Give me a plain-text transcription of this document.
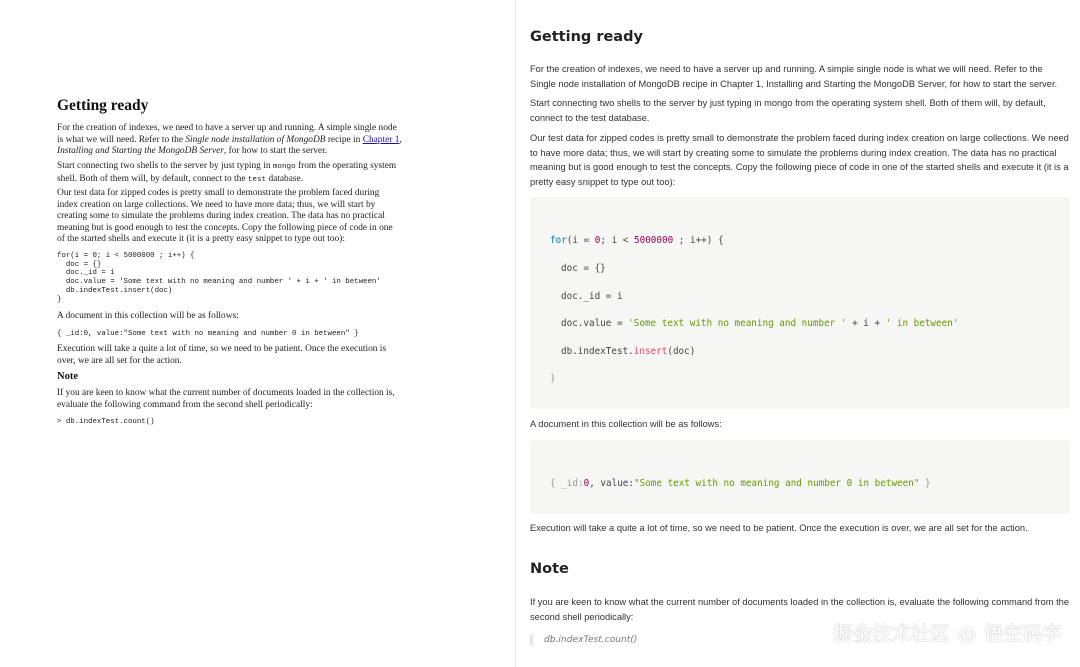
Getting ready

For the creation of indexes, we need to have a server up and running. A simple single node is what we will need. Refer to the Single node installation of MongoDB recipe in Chapter 1, Installing and Starting the MongoDB Server, for how to start the server.

Start connecting two shells to the server by just typing in mongo from the operating system shell. Both of them will, by default, connect to the test database.

Our test data for zipped codes is pretty small to demonstrate the problem faced during index creation on large collections. We need to have more data; thus, we will start by creating some to simulate the problems during index creation. The data has no practical meaning but is good enough to test the concepts. Copy the following piece of code in one of the started shells and execute it (it is a pretty easy snippet to type out too):

for(i = 0; i < 5000000 ; i++) {
doc = {}
doc._id = i
doc.value = 'Some text with no meaning and number ' + i + ' in between'
db.indexTest.insert(doc)
}

A document in this collection will be as follows:

{ _id:0, value:"Some text with no meaning and number 0 in between" }

Execution will take a quite a lot of time, so we need to be patient. Once the execution is over, we are all set for the action.

Note

If you are keen to know what the current number of documents loaded in the collection is, evaluate the following command from the second shell periodically:

> db.indexTest.count()
Getting ready

For the creation of indexes, we need to have a server up and running. A simple single node is what we will need. Refer to the Single node installation of MongoDB recipe in Chapter 1, Installing and Starting the MongoDB Server, for how to start the server.

Start connecting two shells to the server by just typing in mongo from the operating system shell. Both of them will, by default, connect to the test database.

Our test data for zipped codes is pretty small to demonstrate the problem faced during index creation on large collections. We need to have more data; thus, we will start by creating some to simulate the problems during index creation. The data has no practical meaning but is good enough to test the concepts. Copy the following piece of code in one of the started shells and execute it (it is a pretty easy snippet to type out too):

for(i = 0; i < 5000000 ; i++) {
doc = {}
doc._id = i
doc.value = 'Some text with no meaning and number ' + i + ' in between'
db.indexTest.insert(doc)
}

A document in this collection will be as follows:

{ _id:0, value:"Some text with no meaning and number 0 in between" }

Execution will take a quite a lot of time, so we need to be patient. Once the execution is over, we are all set for the action.

Note

If you are keen to know what the current number of documents loaded in the collection is, evaluate the following command from the second shell periodically:

db.indexTest.count()	掘金技术社区 @ 悟空码字
